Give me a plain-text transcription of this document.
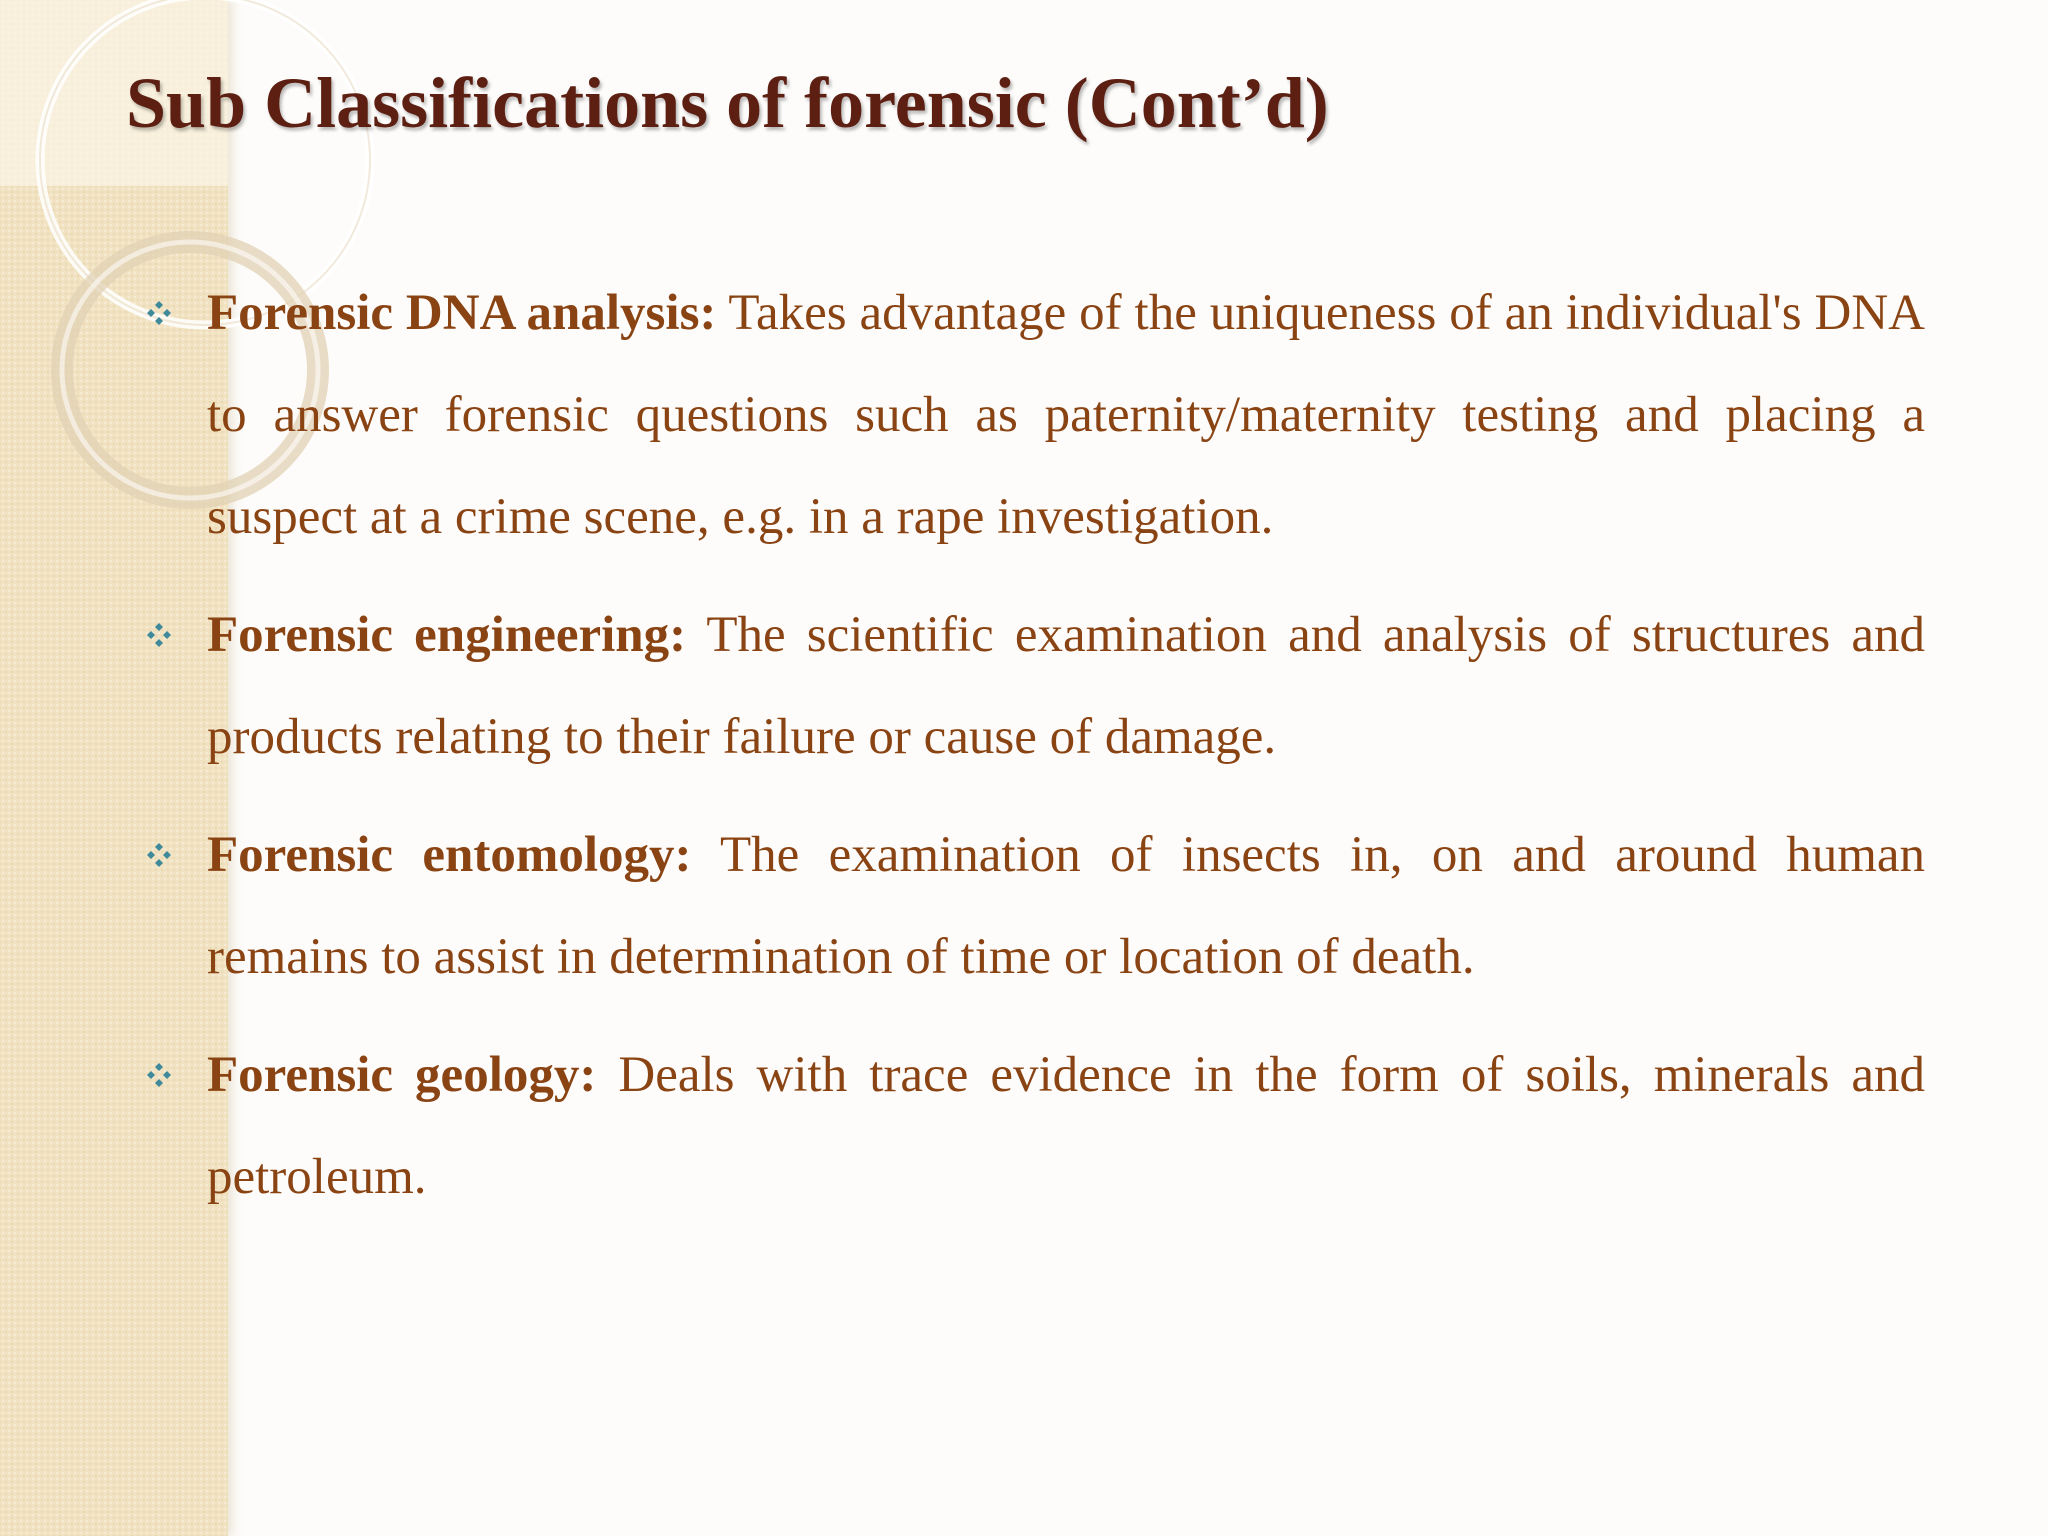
Sub Classifications of forensic (Cont’d)
Forensic DNA analysis: Takes advantage of the uniqueness of an individual's DNA to answer forensic questions such as paternity/maternity testing and placing a suspect at a crime scene, e.g. in a rape investigation.
Forensic engineering: The scientific examination and analysis of structures and products relating to their failure or cause of damage.
Forensic entomology: The examination of insects in, on and around human remains to assist in determination of time or location of death.
Forensic geology: Deals with trace evidence in the form of soils, minerals and petroleum.
